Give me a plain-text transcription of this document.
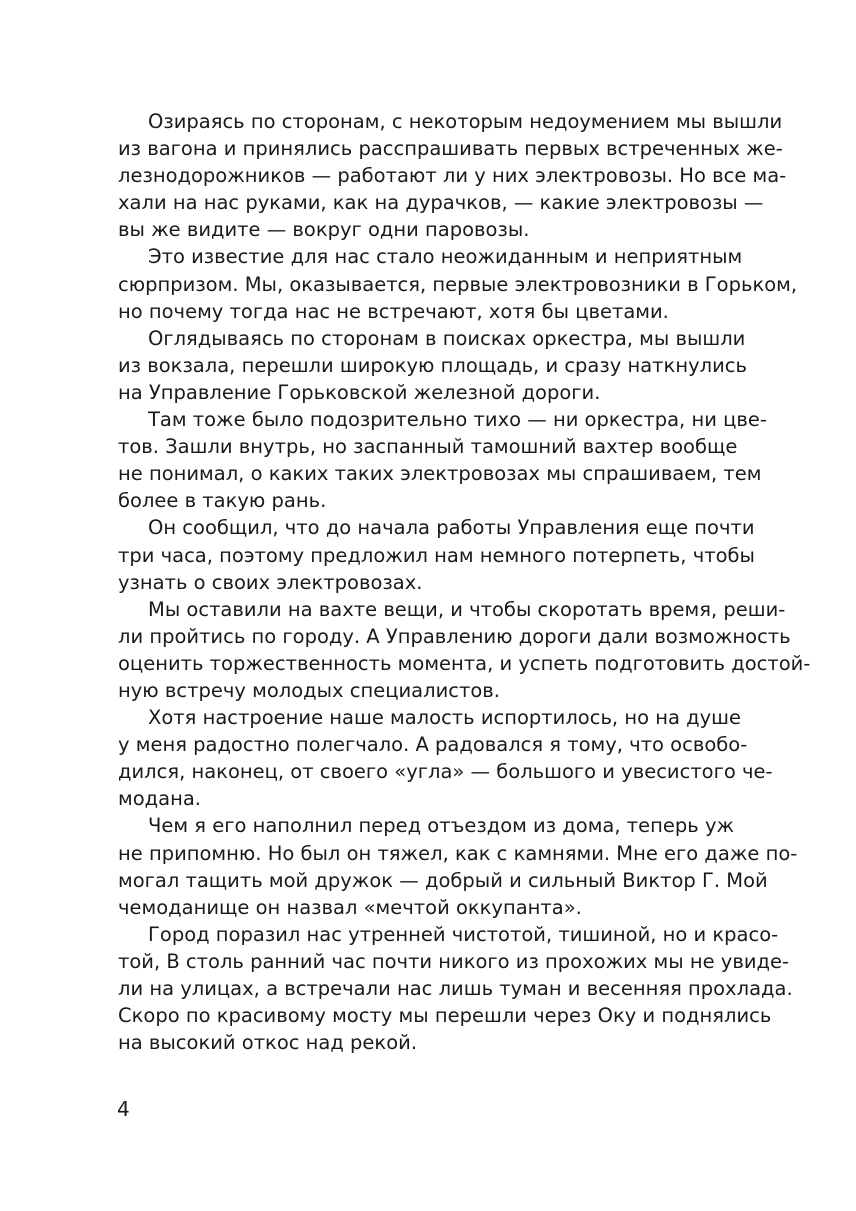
Озираясь по сторонам, с некоторым недоумением мы вышли
из вагона и принялись расспрашивать первых встреченных же-
лезнодорожников — работают ли у них электровозы. Но все ма-
хали на нас руками, как на дурачков, — какие электровозы —
вы же видите — вокруг одни паровозы.

Это известие для нас стало неожиданным и неприятным
сюрпризом. Мы, оказывается, первые электровозники в Горьком,
но почему тогда нас не встречают, хотя бы цветами.

Оглядываясь по сторонам в поисках оркестра, мы вышли
из вокзала, перешли широкую площадь, и сразу наткнулись
на Управление Горьковской железной дороги.

Там тоже было подозрительно тихо — ни оркестра, ни цве-
тов. Зашли внутрь, но заспанный тамошний вахтер вообще
не понимал, о каких таких электровозах мы спрашиваем, тем
более в такую рань.

Он сообщил, что до начала работы Управления еще почти
три часа, поэтому предложил нам немного потерпеть, чтобы
узнать о своих электровозах.

Мы оставили на вахте вещи, и чтобы скоротать время, реши-
ли пройтись по городу. А Управлению дороги дали возможность
оценить торжественность момента, и успеть подготовить достой-
ную встречу молодых специалистов.

Хотя настроение наше малость испортилось, но на душе
у меня радостно полегчало. А радовался я тому, что освобо-
дился, наконец, от своего «угла» — большого и увесистого че-
модана.

Чем я его наполнил перед отъездом из дома, теперь уж
не припомню. Но был он тяжел, как с камнями. Мне его даже по-
могал тащить мой дружок — добрый и сильный Виктор Г. Мой
чемоданище он назвал «мечтой оккупанта».

Город поразил нас утренней чистотой, тишиной, но и красо-
той, В столь ранний час почти никого из прохожих мы не увиде-
ли на улицах, а встречали нас лишь туман и весенняя прохлада.
Скоро по красивому мосту мы перешли через Оку и поднялись
на высокий откос над рекой.

4
